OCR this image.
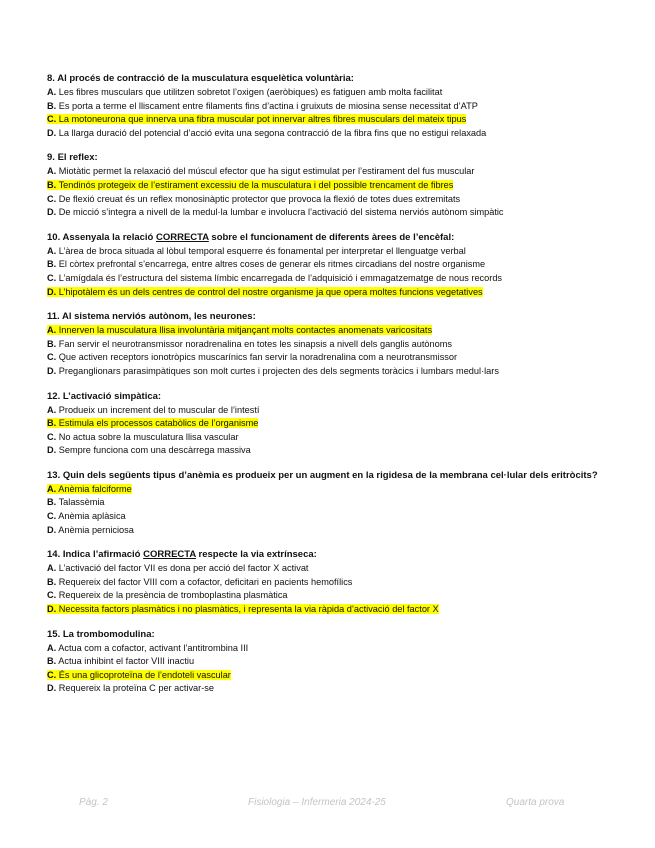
8. Al procés de contracció de la musculatura esquelètica voluntària:
A. Les fibres musculars que utilitzen sobretot l’oxigen (aeròbiques) es fatiguen amb molta facilitat
B. Es porta a terme el lliscament entre filaments fins d’actina i gruixuts de miosina sense necessitat d’ATP
C. La motoneurona que innerva una fibra muscular pot innervar altres fibres musculars del mateix tipus
D. La llarga duració del potencial d’acció evita una segona contracció de la fibra fins que no estigui relaxada
9. El reflex:
A. Miotàtic permet la relaxació del múscul efector que ha sigut estimulat per l’estirament del fus muscular
B. Tendinós protegeix de l’estirament excessiu de la musculatura i del possible trencament de fibres
C. De flexió creuat és un reflex monosinàptic protector que provoca la flexió de totes dues extremitats
D. De micció s’integra a nivell de la medul·la lumbar e involucra l’activació del sistema nerviós autònom simpàtic
10. Assenyala la relació CORRECTA sobre el funcionament de diferents àrees de l’encèfal:
A. L’àrea de broca situada al lòbul temporal esquerre és fonamental per interpretar el llenguatge verbal
B. El còrtex prefrontal s’encarrega, entre altres coses de generar els ritmes circadians del nostre organisme
C. L’amígdala és l’estructura del sistema límbic encarregada de l’adquisició i emmagatzematge de nous records
D. L’hipotàlem és un dels centres de control del nostre organisme ja que opera moltes funcions vegetatives
11. Al sistema nerviós autònom, les neurones:
A. Innerven la musculatura llisa involuntària mitjançant molts contactes anomenats varicositats
B. Fan servir el neurotransmissor noradrenalina en totes les sinapsis a nivell dels ganglis autònoms
C. Que activen receptors ionotròpics muscarínics fan servir la noradrenalina com a neurotransmissor
D. Preganglionars parasimpàtiques son molt curtes i projecten des dels segments toràcics i lumbars medul·lars
12. L’activació simpàtica:
A. Produeix un increment del to muscular de l’intestí
B. Estimula els processos catabòlics de l’organisme
C. No actua sobre la musculatura llisa vascular
D. Sempre funciona com una descàrrega massiva
13. Quin dels següents tipus d’anèmia es produeix per un augment en la rigidesa de la membrana cel·lular dels eritròcits?
A. Anèmia falciforme
B. Talassèmia
C. Anèmia aplàsica
D. Anèmia perniciosa
14. Indica l’afirmació CORRECTA respecte la via extrínseca:
A. L’activació del factor VII es dona per acció del factor X activat
B. Requereix del factor VIII com a cofactor, deficitari en pacients hemofílics
C. Requereix de la presència de tromboplastina plasmàtica
D. Necessita factors plasmàtics i no plasmàtics, i representa la via ràpida d’activació del factor X
15. La trombomodulina:
A. Actua com a cofactor, activant l’antitrombina III
B. Actua inhibint el factor VIII inactiu
C. És una glicoproteïna de l’endoteli vascular
D. Requereix la proteïna C per activar-se
Pàg. 2	Fisiologia – Infermeria 2024-25	Quarta prova
